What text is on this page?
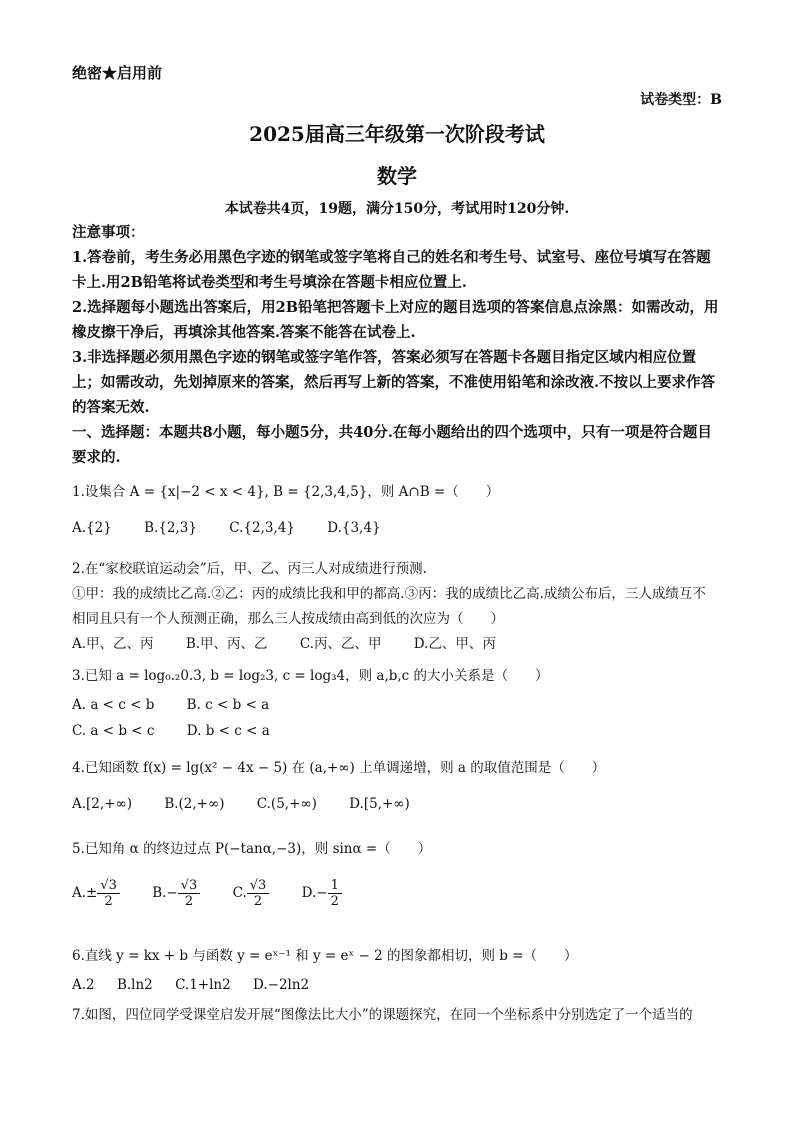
绝密★启用前
试卷类型：B
2025届高三年级第一次阶段考试
数学
本试卷共4页，19题，满分150分，考试用时120分钟.

注意事项：

1.答卷前，考生务必用黑色字迹的钢笔或签字笔将自己的姓名和考生号、试室号、座位号填写在答题卡上.用2B铅笔将试卷类型和考生号填涂在答题卡相应位置上.

2.选择题每小题选出答案后，用2B铅笔把答题卡上对应的题目选项的答案信息点涂黑：如需改动，用橡皮擦干净后，再填涂其他答案.答案不能答在试卷上.

3.非选择题必须用黑色字迹的钢笔或签字笔作答，答案必须写在答题卡各题目指定区域内相应位置上；如需改动，先划掉原来的答案，然后再写上新的答案，不准使用铅笔和涂改液.不按以上要求作答的答案无效.

一、选择题：本题共8小题，每小题5分，共40分.在每小题给出的四个选项中，只有一项是符合题目要求的.

1.设集合 A = {x|−2 < x < 4}, B = {2,3,4,5}，则 A∩B =（　　）
A.{2} B.{2,3} C.{2,3,4} D.{3,4}
2.在“家校联谊运动会”后，甲、乙、丙三人对成绩进行预测.
①甲：我的成绩比乙高.②乙：丙的成绩比我和甲的都高.③丙：我的成绩比乙高.成绩公布后，三人成绩互不
相同且只有一个人预测正确，那么三人按成绩由高到低的次应为（　　）
A.甲、乙、丙 B.甲、丙、乙 C.丙、乙、甲 D.乙、甲、丙
3.已知 a = log₀.₂0.3, b = log₂3, c = log₃4，则 a,b,c 的大小关系是（　　）
A. a < c < b B. c < b < a
C. a < b < c D. b < c < a
4.已知函数 f(x) = lg(x² − 4x − 5) 在 (a,+∞) 上单调递增，则 a 的取值范围是（　　）
A.[2,+∞) B.(2,+∞) C.(5,+∞) D.[5,+∞)
5.已知角 α 的终边过点 P(−tanα,−3)，则 sinα =（　　）
$A.\pm \frac{√3}{2} B.- \frac{√3}{2} C$. $\frac{√3}{2} D.- \frac{1}{2}$
6.直线 y = kx + b 与函数 y = eˣ⁻¹ 和 y = eˣ − 2 的图象都相切，则 b =（　　）
A.2 B.ln2 C.1+ln2 D.−2ln2
7.如图，四位同学受课堂启发开展“图像法比大小”的课题探究，在同一个坐标系中分别选定了一个适当的
